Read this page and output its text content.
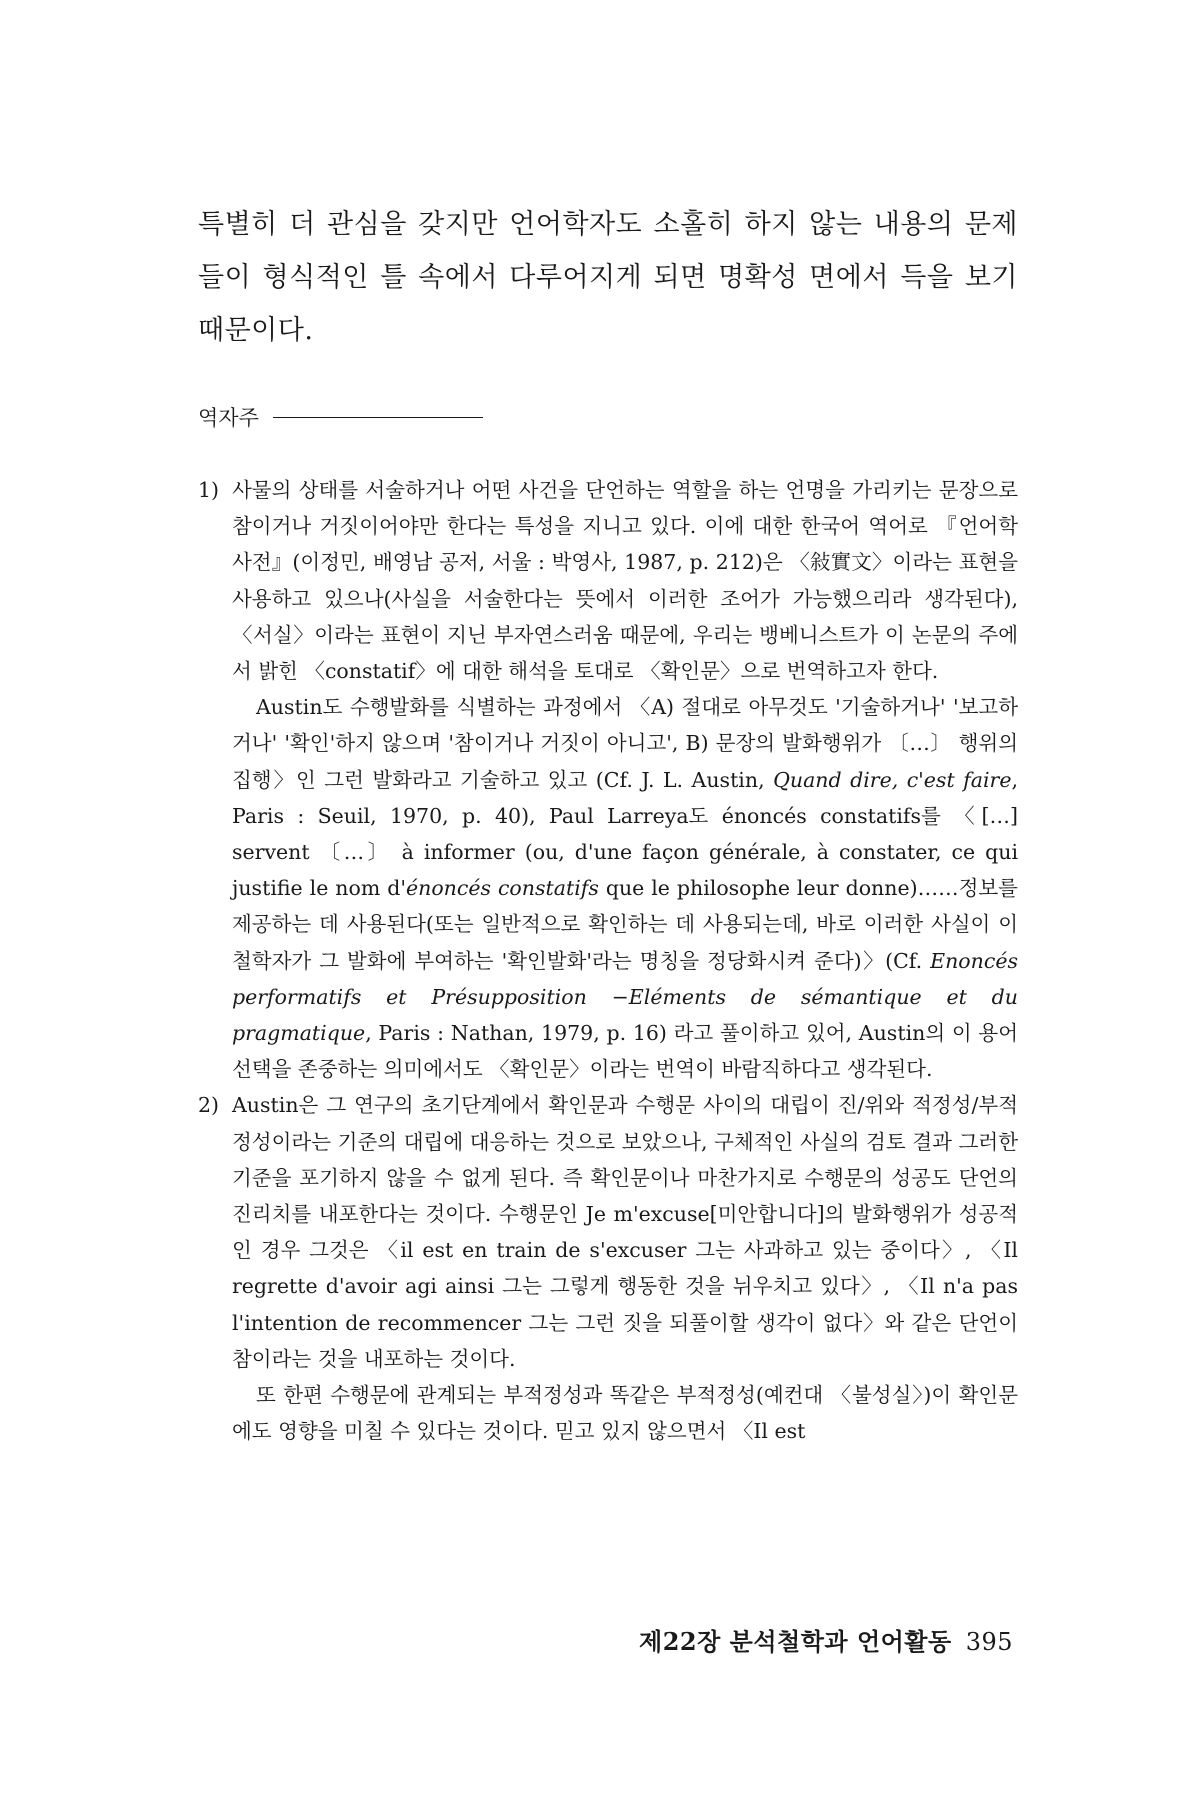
특별히 더 관심을 갖지만 언어학자도 소홀히 하지 않는 내용의 문제들이 형식적인 틀 속에서 다루어지게 되면 명확성 면에서 득을 보기 때문이다.

역자주
1) 사물의 상태를 서술하거나 어떤 사건을 단언하는 역할을 하는 언명을 가리키는 문장으로 참이거나 거짓이어야만 한다는 특성을 지니고 있다. 이에 대한 한국어 역어로 『언어학 사전』(이정민, 배영남 공저, 서울 : 박영사, 1987, p. 212)은 〈敍實文〉이라는 표현을 사용하고 있으나(사실을 서술한다는 뜻에서 이러한 조어가 가능했으리라 생각된다), 〈서실〉이라는 표현이 지닌 부자연스러움 때문에, 우리는 뱅베니스트가 이 논문의 주에서 밝힌 〈constatif〉에 대한 해석을 토대로 〈확인문〉으로 번역하고자 한다.

Austin도 수행발화를 식별하는 과정에서 〈A) 절대로 아무것도 '기술하거나' '보고하거나' '확인'하지 않으며 '참이거나 거짓이 아니고', B) 문장의 발화행위가 〔…〕 행위의 집행〉인 그런 발화라고 기술하고 있고 (Cf. J. L. Austin, Quand dire, c'est faire, Paris : Seuil, 1970, p. 40), Paul Larreya도 énoncés constatifs를 〈[…] servent 〔…〕 à informer (ou, d'une façon générale, à constater, ce qui justifie le nom d'énoncés constatifs que le philosophe leur donne)……정보를 제공하는 데 사용된다(또는 일반적으로 확인하는 데 사용되는데, 바로 이러한 사실이 이 철학자가 그 발화에 부여하는 '확인발화'라는 명칭을 정당화시켜 준다)〉(Cf. Enoncés performatifs et Présupposition −Eléments de sémantique et du pragmatique, Paris : Nathan, 1979, p. 16) 라고 풀이하고 있어, Austin의 이 용어 선택을 존중하는 의미에서도 〈확인문〉이라는 번역이 바람직하다고 생각된다.

2) Austin은 그 연구의 초기단계에서 확인문과 수행문 사이의 대립이 진/위와 적정성/부적정성이라는 기준의 대립에 대응하는 것으로 보았으나, 구체적인 사실의 검토 결과 그러한 기준을 포기하지 않을 수 없게 된다. 즉 확인문이나 마찬가지로 수행문의 성공도 단언의 진리치를 내포한다는 것이다. 수행문인 Je m'excuse[미안합니다]의 발화행위가 성공적인 경우 그것은 〈il est en train de s'excuser 그는 사과하고 있는 중이다〉, 〈Il regrette d'avoir agi ainsi 그는 그렇게 행동한 것을 뉘우치고 있다〉, 〈Il n'a pas l'intention de recommencer 그는 그런 짓을 되풀이할 생각이 없다〉와 같은 단언이 참이라는 것을 내포하는 것이다.

또 한편 수행문에 관계되는 부적정성과 똑같은 부적정성(예컨대 〈불성실〉)이 확인문에도 영향을 미칠 수 있다는 것이다. 믿고 있지 않으면서 〈Il est

제22장 분석철학과 언어활동 395
